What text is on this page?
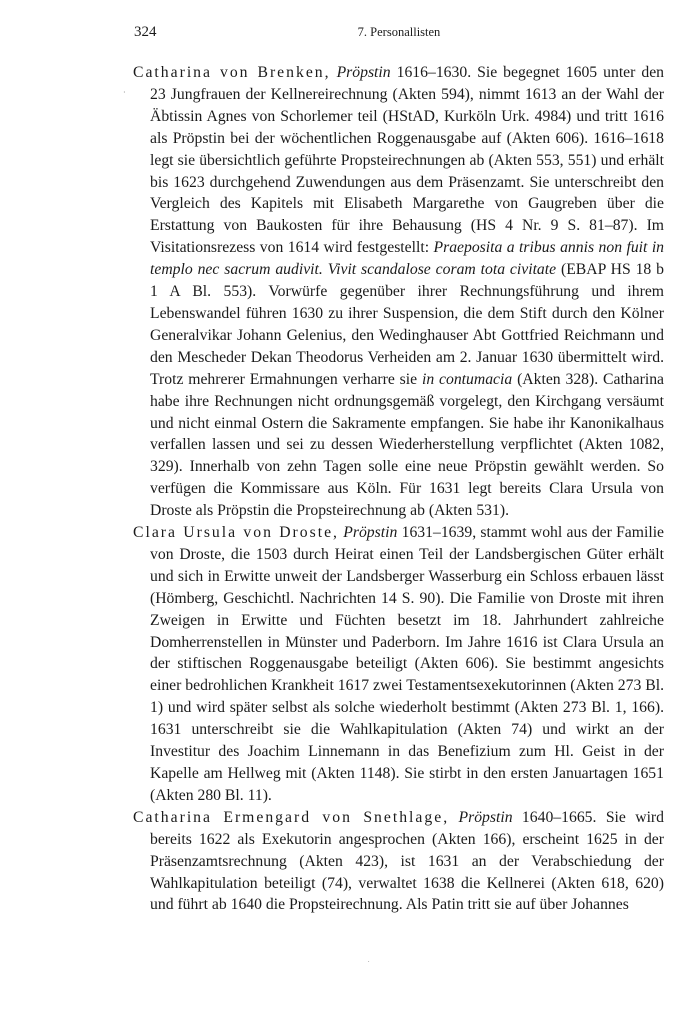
324	7. Personallisten
·

Catharina von Brenken, Pröpstin 1616–1630. Sie begegnet 1605 unter den 23 Jungfrauen der Kellnereirechnung (Akten 594), nimmt 1613 an der Wahl der Äbtissin Agnes von Schorlemer teil (HStAD, Kurköln Urk. 4984) und tritt 1616 als Pröpstin bei der wöchentlichen Roggenausgabe auf (Akten 606). 1616–1618 legt sie übersichtlich geführte Propsteirechnungen ab (Akten 553, 551) und erhält bis 1623 durchgehend Zuwendungen aus dem Präsenzamt. Sie unterschreibt den Vergleich des Kapitels mit Elisabeth Margarethe von Gaugreben über die Erstattung von Baukosten für ihre Behausung (HS 4 Nr. 9 S. 81–87). Im Visitationsrezess von 1614 wird festgestellt: Praeposita a tribus annis non fuit in templo nec sacrum audivit. Vivit scandalose coram tota civitate (EBAP HS 18 b 1 A Bl. 553). Vorwürfe gegenüber ihrer Rechnungsführung und ihrem Lebenswandel führen 1630 zu ihrer Suspension, die dem Stift durch den Kölner Generalvikar Johann Gelenius, den Wedinghauser Abt Gottfried Reichmann und den Mescheder Dekan Theodorus Verheiden am 2. Januar 1630 übermittelt wird. Trotz mehrerer Ermahnungen verharre sie in contumacia (Akten 328). Catharina habe ihre Rechnungen nicht ordnungsgemäß vorgelegt, den Kirchgang versäumt und nicht einmal Ostern die Sakramente empfangen. Sie habe ihr Kanonikalhaus verfallen lassen und sei zu dessen Wiederherstellung verpflichtet (Akten 1082, 329). Innerhalb von zehn Tagen solle eine neue Pröpstin gewählt werden. So verfügen die Kommissare aus Köln. Für 1631 legt bereits Clara Ursula von Droste als Pröpstin die Propsteirechnung ab (Akten 531).

Clara Ursula von Droste, Pröpstin 1631–1639, stammt wohl aus der Familie von Droste, die 1503 durch Heirat einen Teil der Landsbergischen Güter erhält und sich in Erwitte unweit der Landsberger Wasserburg ein Schloss erbauen lässt (Hömberg, Geschichtl. Nachrichten 14 S. 90). Die Familie von Droste mit ihren Zweigen in Erwitte und Füchten besetzt im 18. Jahrhundert zahlreiche Domherrenstellen in Münster und Paderborn. Im Jahre 1616 ist Clara Ursula an der stiftischen Roggenausgabe beteiligt (Akten 606). Sie bestimmt angesichts einer bedrohlichen Krankheit 1617 zwei Testamentsexekutorinnen (Akten 273 Bl. 1) und wird später selbst als solche wiederholt bestimmt (Akten 273 Bl. 1, 166). 1631 unterschreibt sie die Wahlkapitulation (Akten 74) und wirkt an der Investitur des Joachim Linnemann in das Benefizium zum Hl. Geist in der Kapelle am Hellweg mit (Akten 1148). Sie stirbt in den ersten Januartagen 1651 (Akten 280 Bl. 11).

Catharina Ermengard von Snethlage, Pröpstin 1640–1665. Sie wird bereits 1622 als Exekutorin angesprochen (Akten 166), erscheint 1625 in der Präsenzamtsrechnung (Akten 423), ist 1631 an der Verabschiedung der Wahlkapitulation beteiligt (74), verwaltet 1638 die Kellnerei (Akten 618, 620) und führt ab 1640 die Propsteirechnung. Als Patin tritt sie auf über Johannes

.
